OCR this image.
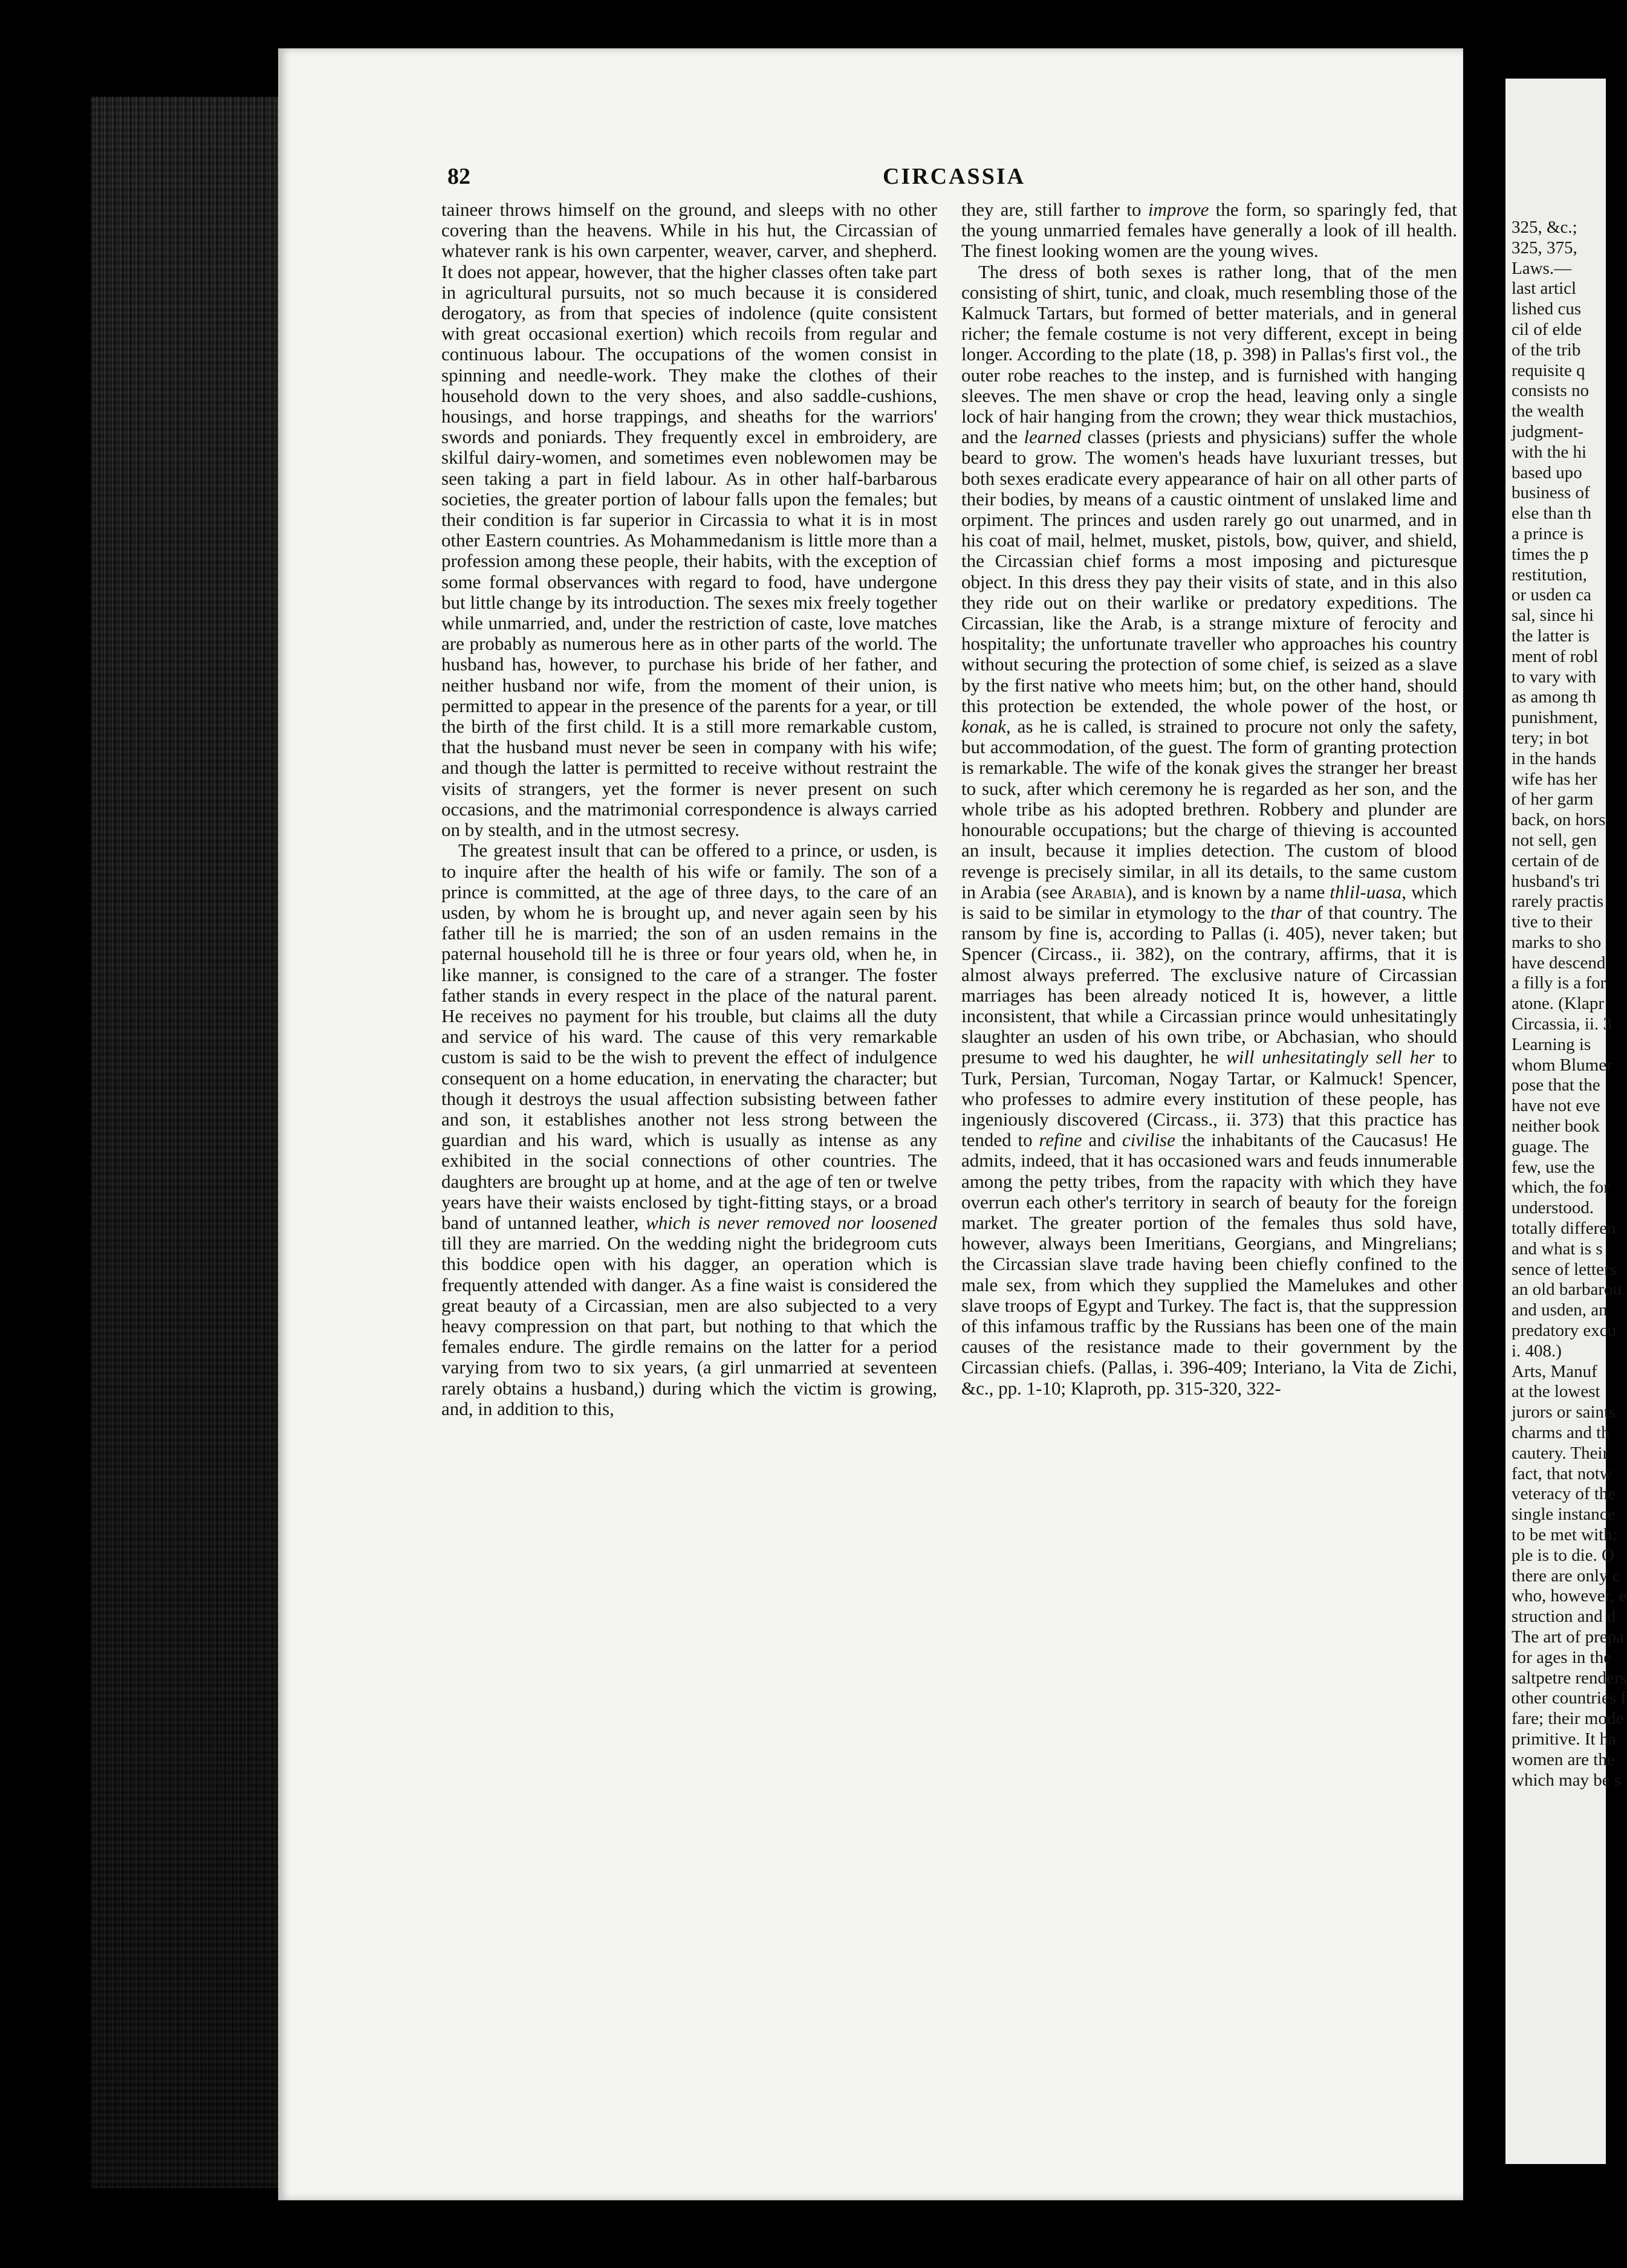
82	CIRCASSIA

taineer throws himself on the ground, and sleeps with no other covering than the heavens. While in his hut, the Circassian of whatever rank is his own carpenter, weaver, carver, and shepherd. It does not appear, however, that the higher classes often take part in agricultural pursuits, not so much because it is considered derogatory, as from that species of indolence (quite consistent with great occasional exertion) which recoils from regular and continuous labour. The occupations of the women consist in spinning and needle-work. They make the clothes of their household down to the very shoes, and also saddle-cushions, housings, and horse trappings, and sheaths for the warriors' swords and poniards. They frequently excel in embroidery, are skilful dairy-women, and sometimes even noblewomen may be seen taking a part in field labour. As in other half-barbarous societies, the greater portion of labour falls upon the females; but their condition is far superior in Circassia to what it is in most other Eastern countries. As Mohammedanism is little more than a profession among these people, their habits, with the exception of some formal observances with regard to food, have undergone but little change by its introduction. The sexes mix freely together while unmarried, and, under the restriction of caste, love matches are probably as numerous here as in other parts of the world. The husband has, however, to purchase his bride of her father, and neither husband nor wife, from the moment of their union, is permitted to appear in the presence of the parents for a year, or till the birth of the first child. It is a still more remarkable custom, that the husband must never be seen in company with his wife; and though the latter is permitted to receive without restraint the visits of strangers, yet the former is never present on such occasions, and the matrimonial correspondence is always carried on by stealth, and in the utmost secresy.

The greatest insult that can be offered to a prince, or usden, is to inquire after the health of his wife or family. The son of a prince is committed, at the age of three days, to the care of an usden, by whom he is brought up, and never again seen by his father till he is married; the son of an usden remains in the paternal household till he is three or four years old, when he, in like manner, is consigned to the care of a stranger. The foster father stands in every respect in the place of the natural parent. He receives no payment for his trouble, but claims all the duty and service of his ward. The cause of this very remarkable custom is said to be the wish to prevent the effect of indulgence consequent on a home education, in enervating the character; but though it destroys the usual affection subsisting between father and son, it establishes another not less strong between the guardian and his ward, which is usually as intense as any exhibited in the social connections of other countries. The daughters are brought up at home, and at the age of ten or twelve years have their waists enclosed by tight-fitting stays, or a broad band of untanned leather, which is never removed nor loosened till they are married. On the wedding night the bridegroom cuts this boddice open with his dagger, an operation which is frequently attended with danger. As a fine waist is considered the great beauty of a Circassian, men are also subjected to a very heavy compression on that part, but nothing to that which the females endure. The girdle remains on the latter for a period varying from two to six years, (a girl unmarried at seventeen rarely obtains a husband,) during which the victim is growing, and, in addition to this,

they are, still farther to improve the form, so sparingly fed, that the young unmarried females have generally a look of ill health. The finest looking women are the young wives.

The dress of both sexes is rather long, that of the men consisting of shirt, tunic, and cloak, much resembling those of the Kalmuck Tartars, but formed of better materials, and in general richer; the female costume is not very different, except in being longer. According to the plate (18, p. 398) in Pallas's first vol., the outer robe reaches to the instep, and is furnished with hanging sleeves. The men shave or crop the head, leaving only a single lock of hair hanging from the crown; they wear thick mustachios, and the learned classes (priests and physicians) suffer the whole beard to grow. The women's heads have luxuriant tresses, but both sexes eradicate every appearance of hair on all other parts of their bodies, by means of a caustic ointment of unslaked lime and orpiment. The princes and usden rarely go out unarmed, and in his coat of mail, helmet, musket, pistols, bow, quiver, and shield, the Circassian chief forms a most imposing and picturesque object. In this dress they pay their visits of state, and in this also they ride out on their warlike or predatory expeditions. The Circassian, like the Arab, is a strange mixture of ferocity and hospitality; the unfortunate traveller who approaches his country without securing the protection of some chief, is seized as a slave by the first native who meets him; but, on the other hand, should this protection be extended, the whole power of the host, or konak, as he is called, is strained to procure not only the safety, but accommodation, of the guest. The form of granting protection is remarkable. The wife of the konak gives the stranger her breast to suck, after which ceremony he is regarded as her son, and the whole tribe as his adopted brethren. Robbery and plunder are honourable occupations; but the charge of thieving is accounted an insult, because it implies detection. The custom of blood revenge is precisely similar, in all its details, to the same custom in Arabia (see Arabia), and is known by a name thlil-uasa, which is said to be similar in etymology to the thar of that country. The ransom by fine is, according to Pallas (i. 405), never taken; but Spencer (Circass., ii. 382), on the contrary, affirms, that it is almost always preferred. The exclusive nature of Circassian marriages has been already noticed It is, however, a little inconsistent, that while a Circassian prince would unhesitatingly slaughter an usden of his own tribe, or Abchasian, who should presume to wed his daughter, he will unhesitatingly sell her to Turk, Persian, Turcoman, Nogay Tartar, or Kalmuck! Spencer, who professes to admire every institution of these people, has ingeniously discovered (Circass., ii. 373) that this practice has tended to refine and civilise the inhabitants of the Caucasus! He admits, indeed, that it has occasioned wars and feuds innumerable among the petty tribes, from the rapacity with which they have overrun each other's territory in search of beauty for the foreign market. The greater portion of the females thus sold have, however, always been Imeritians, Georgians, and Mingrelians; the Circassian slave trade having been chiefly confined to the male sex, from which they supplied the Mamelukes and other slave troops of Egypt and Turkey. The fact is, that the suppression of this infamous traffic by the Russians has been one of the main causes of the resistance made to their government by the Circassian chiefs. (Pallas, i. 396-409; Interiano, la Vita de Zichi, &c., pp. 1-10; Klaproth, pp. 315-320, 322-

325, &c.;
325, 375,
Laws.—
last articl
lished cus
cil of elde
of the trib
requisite q
consists no
the wealth
judgment-
with the hi
based upo
business of
else than th
a prince is
times the p
restitution,
or usden ca
sal, since hi
the latter is
ment of robl
to vary with
as among th
punishment,
tery; in bot
in the hands
wife has her
of her garm
back, on hors
not sell, gen
certain of de
husband's tri
rarely practis
tive to their
marks to sho
have descend
a filly is a for
atone. (Klapr
Circassia, ii. 3
Learning is
whom Blumer
pose that the
have not eve
neither book
guage. The
few, use the
which, the for
understood.
totally differen
and what is s
sence of letters
an old barbarou
and usden, an
predatory excu
i. 408.)
Arts, Manuf
at the lowest
jurors or saints
charms and th
cautery. Their
fact, that notw
veteracy of the
single instance
to be met with:
ple is to die. O
there are only c
who, however, e
struction and d
The art of prepa
for ages in the
saltpetre renders
other countries f
fare; their mode
primitive. It ha
women are the
which may be s
